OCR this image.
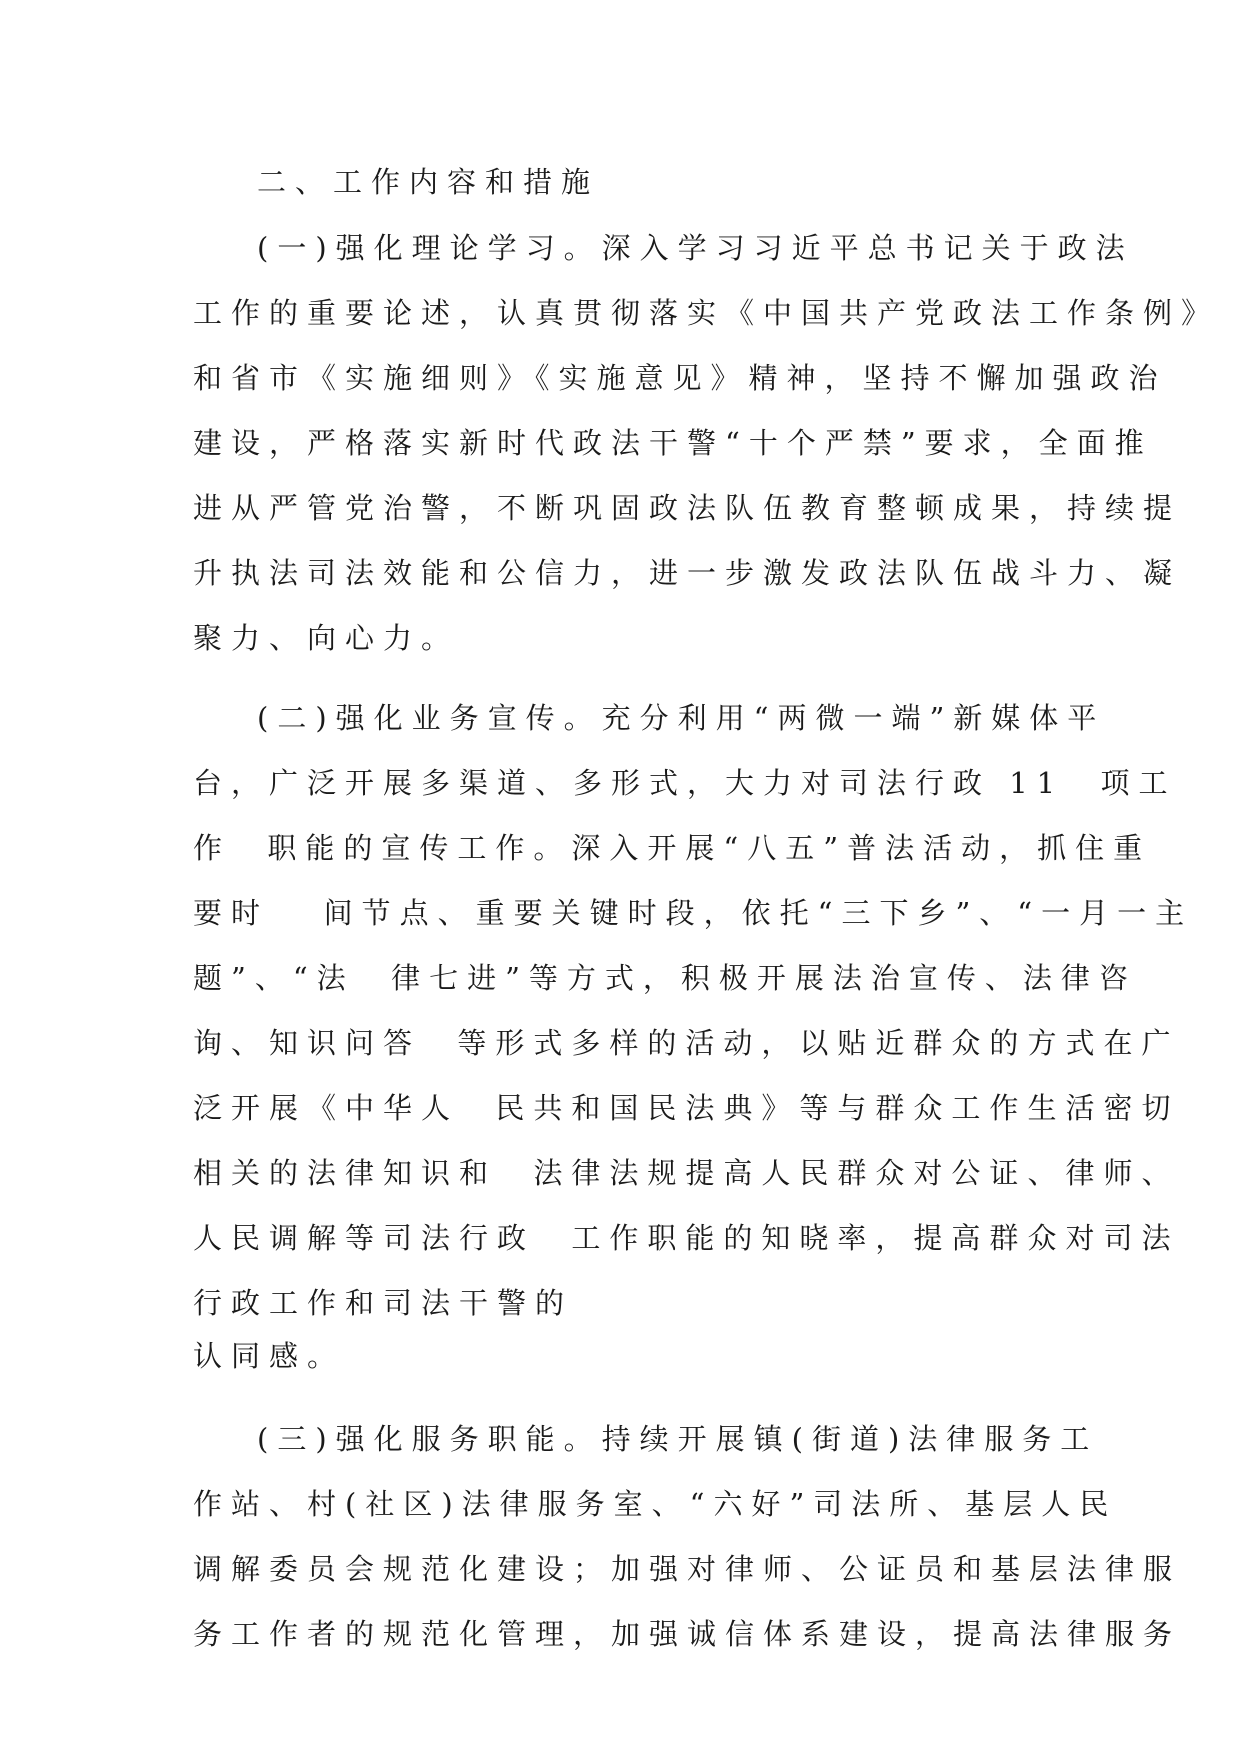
二、工作内容和措施
(一)强化理论学习。深入学习习近平总书记关于政法
工作的重要论述，认真贯彻落实《中国共产党政法工作条例》
和省市《实施细则》《实施意见》精神，坚持不懈加强政治
建设，严格落实新时代政法干警“十个严禁”要求，全面推
进从严管党治警，不断巩固政法队伍教育整顿成果，持续提
升执法司法效能和公信力，进一步激发政法队伍战斗力、凝
聚力、向心力。
(二)强化业务宣传。充分利用“两微一端”新媒体平
台，广泛开展多渠道、多形式，大力对司法行政 11  项工
作  职能的宣传工作。深入开展“八五”普法活动，抓住重
要时   间节点、重要关键时段，依托“三下乡”、“一月一主
题”、“法  律七进”等方式，积极开展法治宣传、法律咨
询、知识问答  等形式多样的活动，以贴近群众的方式在广
泛开展《中华人  民共和国民法典》等与群众工作生活密切
相关的法律知识和  法律法规提高人民群众对公证、律师、
人民调解等司法行政  工作职能的知晓率，提高群众对司法
行政工作和司法干警的
认同感。
(三)强化服务职能。持续开展镇(街道)法律服务工
作站、村(社区)法律服务室、“六好”司法所、基层人民
调解委员会规范化建设；加强对律师、公证员和基层法律服
务工作者的规范化管理，加强诚信体系建设，提高法律服务
